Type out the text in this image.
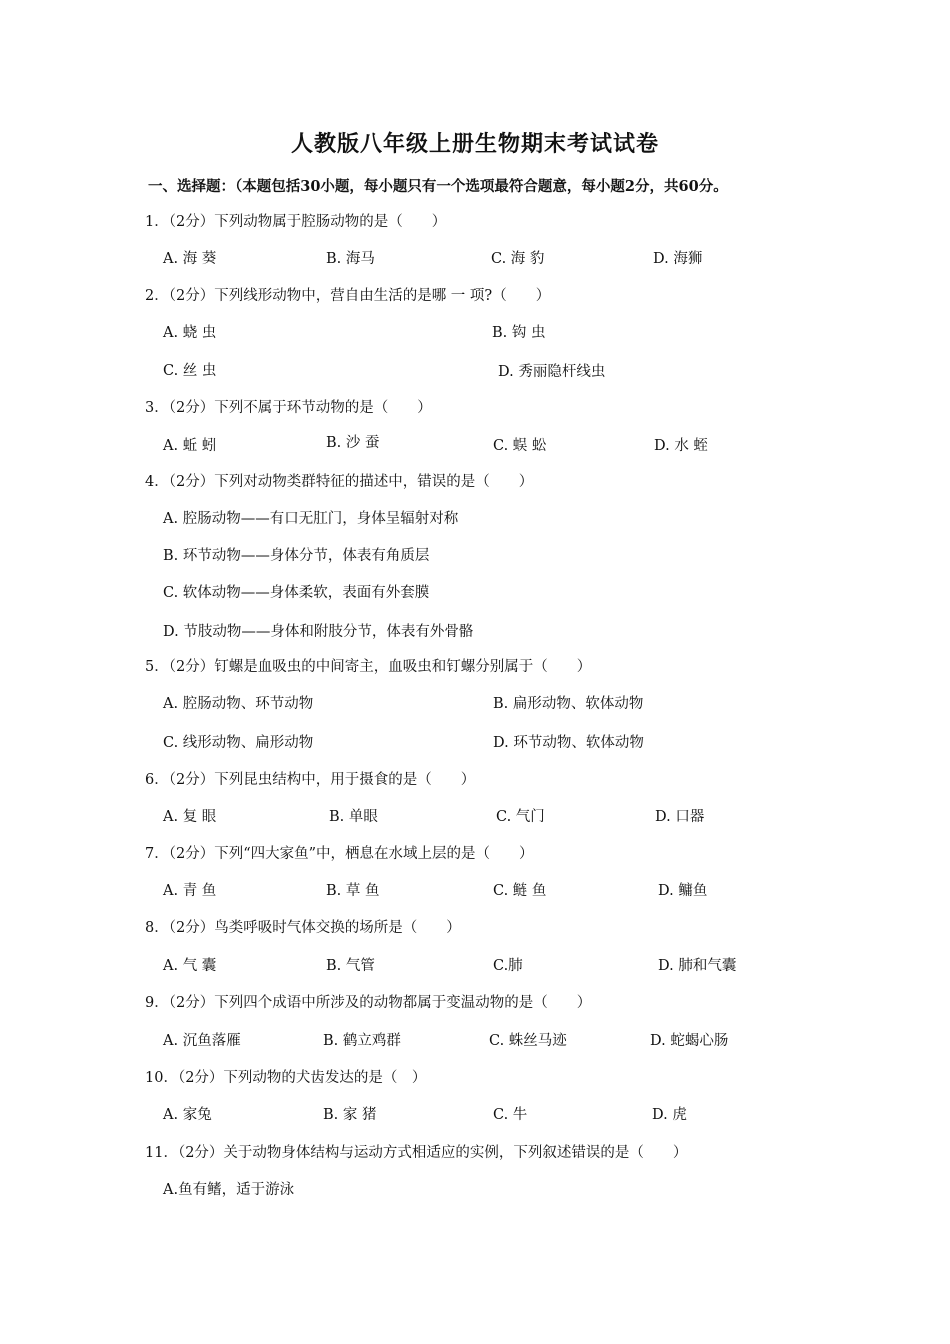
人教版八年级上册生物期末考试试卷
一、选择题：（本题包括30小题，每小题只有一个选项最符合题意，每小题2分，共60分。
1．（2分）下列动物属于腔肠动物的是（　　）
A. 海 葵	B. 海马	C. 海 豹	D. 海狮
2．（2分）下列线形动物中，营自由生活的是哪 一 项?（　　）
A. 蛲 虫	B. 钩 虫
C. 丝 虫	D. 秀丽隐杆线虫
3．（2分）下列不属于环节动物的是（　　）
A. 蚯 蚓	B. 沙 蚕	C. 蜈 蚣	D. 水 蛭
4．（2分）下列对动物类群特征的描述中，错误的是（　　）
A. 腔肠动物——有口无肛门，身体呈辐射对称
B. 环节动物——身体分节，体表有角质层
C. 软体动物——身体柔软，表面有外套膜
D. 节肢动物——身体和附肢分节，体表有外骨骼
5．（2分）钉螺是血吸虫的中间寄主，血吸虫和钉螺分别属于（　　）
A. 腔肠动物、环节动物	B. 扁形动物、软体动物
C. 线形动物、扁形动物	D. 环节动物、软体动物
6．（2分）下列昆虫结构中，用于摄食的是（　　）
A. 复 眼	B. 单眼	C. 气门	D. 口器
7．（2分）下列“四大家鱼”中，栖息在水域上层的是（　　）
A. 青 鱼	B. 草 鱼	C. 鲢 鱼	D. 鳙鱼
8．（2分）鸟类呼吸时气体交换的场所是（　　）
A. 气 囊	B. 气管	C.肺	D. 肺和气囊
9．（2分）下列四个成语中所涉及的动物都属于变温动物的是（　　）
A. 沉鱼落雁	B. 鹤立鸡群	C. 蛛丝马迹	D. 蛇蝎心肠
10．（2分）下列动物的犬齿发达的是（　）
A. 家兔	B. 家 猪	C. 牛	D. 虎
11．（2分）关于动物身体结构与运动方式相适应的实例，下列叙述错误的是（　　）
A.鱼有鳍，适于游泳
